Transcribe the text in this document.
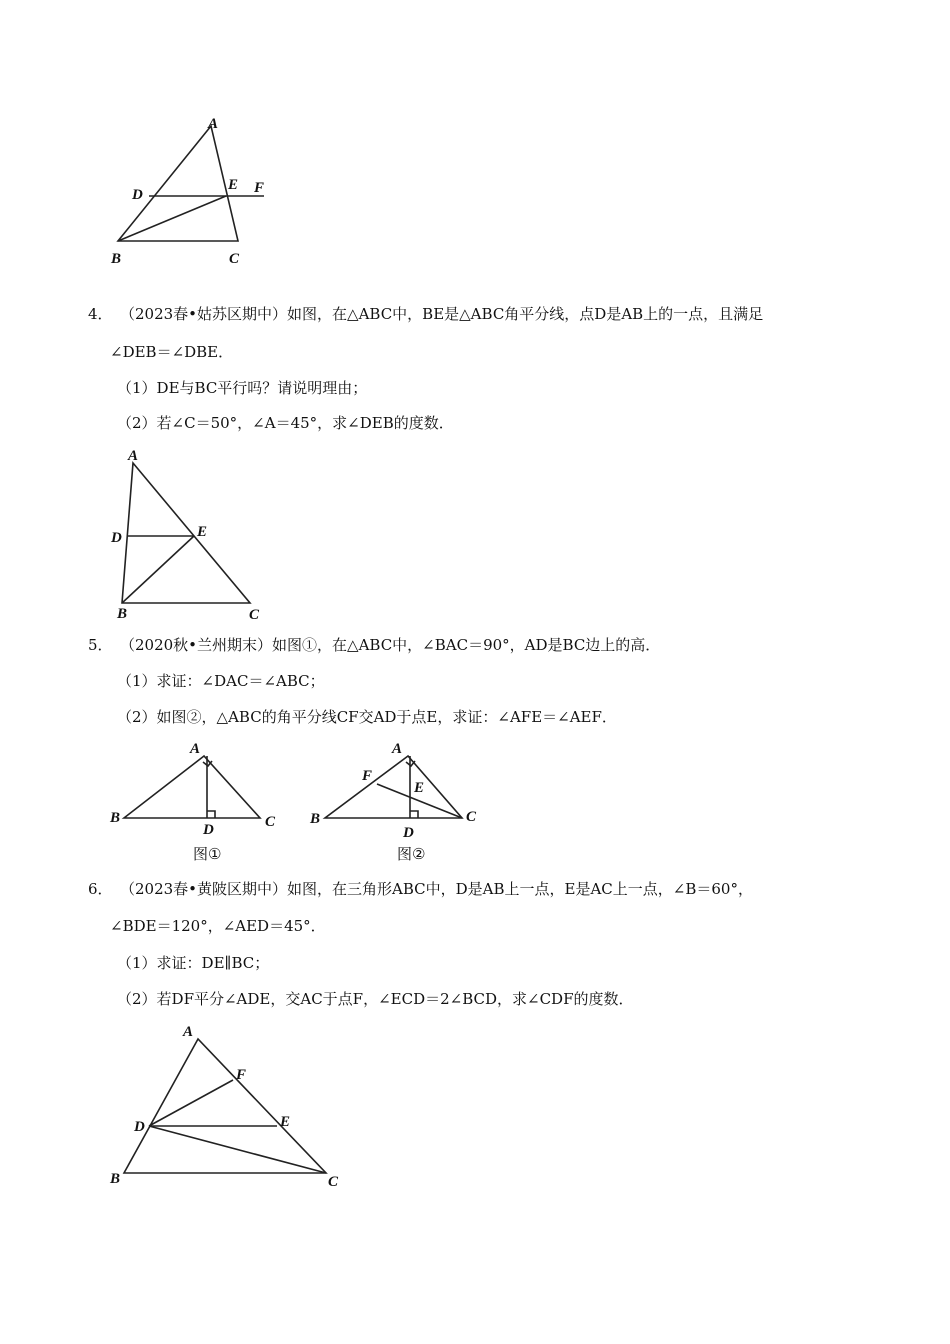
A
D
E F
B	C
4． （2023春•姑苏区期中）如图，在△ABC中，BE是△ABC角平分线，点D是AB上的一点，且满足
∠DEB＝∠DBE．
（1）DE与BC平行吗？请说明理由；
（2）若∠C＝50°，∠A＝45°，求∠DEB的度数．
A
D	E
B	C
5． （2020秋•兰州期末）如图①，在△ABC中，∠BAC＝90°，AD是BC边上的高．
（1）求证：∠DAC＝∠ABC；
（2）如图②，△ABC的角平分线CF交AD于点E，求证：∠AFE＝∠AEF．
A
B	C
D
图①
A
F
E
B	C
D
图②
6． （2023春•黄陂区期中）如图，在三角形ABC中，D是AB上一点，E是AC上一点，∠B＝60°，
∠BDE＝120°，∠AED＝45°．
（1）求证：DE∥BC；
（2）若DF平分∠ADE，交AC于点F，∠ECD＝2∠BCD，求∠CDF的度数．
A
F
D	E
B	C
